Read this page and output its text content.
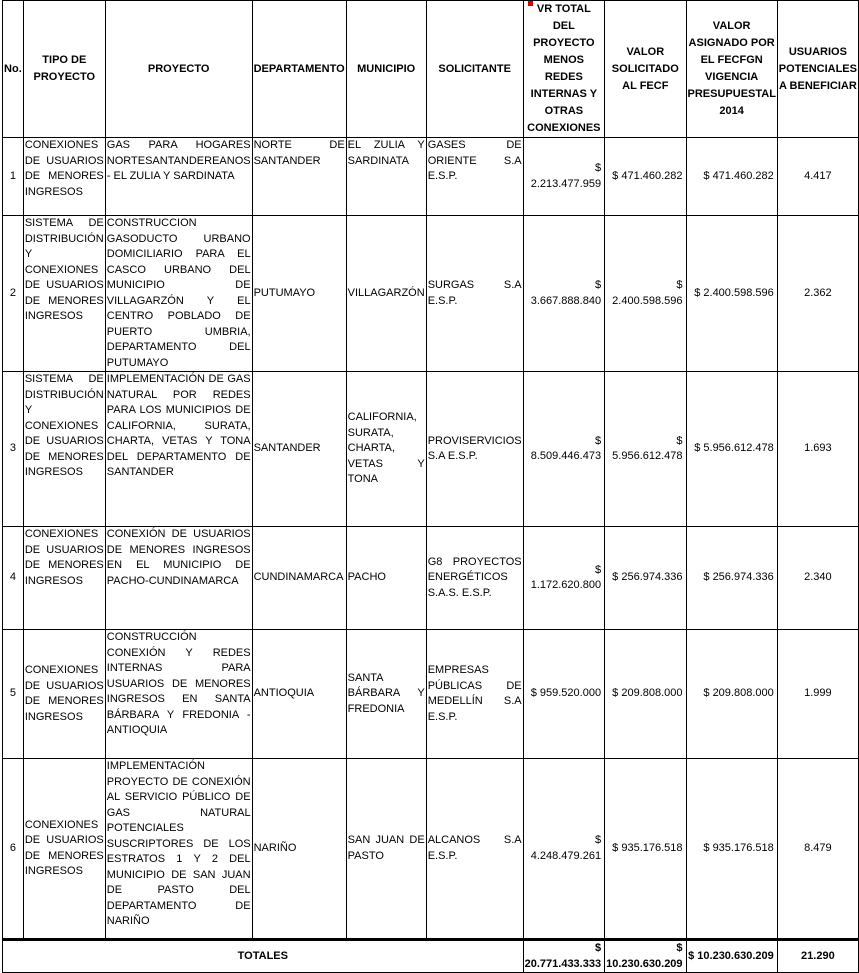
No.	TIPO DE PROYECTO	PROYECTO	DEPARTAMENTO	MUNICIPIO	SOLICITANTE	VR TOTAL DEL PROYECTO MENOS REDES INTERNAS Y OTRAS CONEXIONES	VALOR SOLICITADO AL FECF	VALOR ASIGNADO POR EL FECFGN VIGENCIA PRESUPUESTAL 2014	USUARIOS POTENCIALES A BENEFICIAR
1	CONEXIONES DE USUARIOS DE MENORES INGRESOS	GAS PARA HOGARES NORTESANTANDEREANOS - EL ZULIA Y SARDINATA	NORTE DE SANTANDER	EL ZULIA Y SARDINATA	GASES DE ORIENTE S.A E.S.P.	$ 2.213.477.959	$ 471.460.282	$ 471.460.282	4.417
2	SISTEMA DE DISTRIBUCIÓN Y CONEXIONES DE USUARIOS DE MENORES INGRESOS	CONSTRUCCION GASODUCTO URBANO DOMICILIARIO PARA EL CASCO URBANO DEL MUNICIPIO DE VILLAGARZÓN Y EL CENTRO POBLADO DE PUERTO UMBRIA, DEPARTAMENTO DEL PUTUMAYO	PUTUMAYO	VILLAGARZÓN	SURGAS S.A E.S.P.	$ 3.667.888.840	$ 2.400.598.596	$ 2.400.598.596	2.362
3	SISTEMA DE DISTRIBUCIÓN Y CONEXIONES DE USUARIOS DE MENORES INGRESOS	IMPLEMENTACIÓN DE GAS NATURAL POR REDES PARA LOS MUNICIPIOS DE CALIFORNIA, SURATA, CHARTA, VETAS Y TONA DEL DEPARTAMENTO DE SANTANDER	SANTANDER	CALIFORNIA, SURATA, CHARTA, VETAS Y TONA	PROVISERVICIOS S.A E.S.P.	$ 8.509.446.473	$ 5.956.612.478	$ 5.956.612.478	1.693
4	CONEXIONES DE USUARIOS DE MENORES INGRESOS	CONEXIÓN DE USUARIOS DE MENORES INGRESOS EN EL MUNICIPIO DE PACHO-CUNDINAMARCA	CUNDINAMARCA	PACHO	G8 PROYECTOS ENERGÉTICOS S.A.S. E.S.P.	$ 1.172.620.800	$ 256.974.336	$ 256.974.336	2.340
5	CONEXIONES DE USUARIOS DE MENORES INGRESOS	CONSTRUCCIÓN CONEXIÓN Y REDES INTERNAS PARA USUARIOS DE MENORES INGRESOS EN SANTA BÁRBARA Y FREDONIA - ANTIOQUIA	ANTIOQUIA	SANTA BÁRBARA Y FREDONIA	EMPRESAS PÚBLICAS DE MEDELLÍN S.A E.S.P.	$ 959.520.000	$ 209.808.000	$ 209.808.000	1.999
6	CONEXIONES DE USUARIOS DE MENORES INGRESOS	IMPLEMENTACIÓN PROYECTO DE CONEXIÓN AL SERVICIO PÚBLICO DE GAS NATURAL POTENCIALES SUSCRIPTORES DE LOS ESTRATOS 1 Y 2 DEL MUNICIPIO DE SAN JUAN DE PASTO DEL DEPARTAMENTO DE NARIÑO	NARIÑO	SAN JUAN DE PASTO	ALCANOS S.A E.S.P.	$ 4.248.479.261	$ 935.176.518	$ 935.176.518	8.479
TOTALES						$ 20.771.433.333	$ 10.230.630.209	$ 10.230.630.209	21.290
